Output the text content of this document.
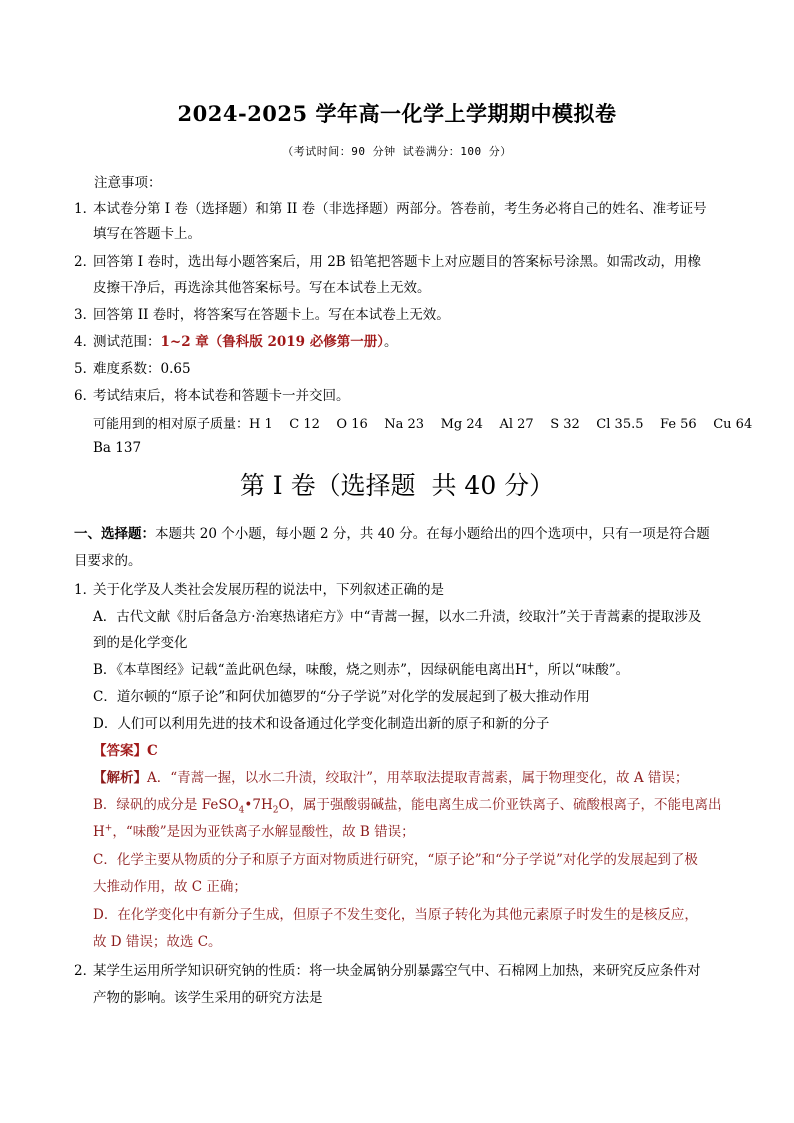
2024-2025 学年高一化学上学期期中模拟卷
（考试时间：90 分钟 试卷满分：100 分）
注意事项：
1．本试卷分第 I 卷（选择题）和第 II 卷（非选择题）两部分。答卷前，考生务必将自己的姓名、准考证号
填写在答题卡上。
2．回答第 I 卷时，选出每小题答案后，用 2B 铅笔把答题卡上对应题目的答案标号涂黑。如需改动，用橡
皮擦干净后，再选涂其他答案标号。写在本试卷上无效。
3．回答第 II 卷时，将答案写在答题卡上。写在本试卷上无效。
4．测试范围：1~2 章（鲁科版 2019 必修第一册）。
5．难度系数：0.65
6．考试结束后，将本试卷和答题卡一并交回。
可能用到的相对原子质量：H 1    C 12    O 16    Na 23    Mg 24    Al 27    S 32    Cl 35.5    Fe 56    Cu 64
Ba 137
第 I 卷（选择题  共 40 分）
一、选择题：本题共 20 个小题，每小题 2 分，共 40 分。在每小题给出的四个选项中，只有一项是符合题
目要求的。
1．关于化学及人类社会发展历程的说法中，下列叙述正确的是
A．古代文献《肘后备急方·治寒热诸疟方》中“青蒿一握，以水二升渍，绞取汁”关于青蒿素的提取涉及
到的是化学变化
B．《本草图经》记载“盖此矾色绿，味酸，烧之则赤”，因绿矾能电离出H+，所以“味酸”。
C．道尔顿的“原子论”和阿伏加德罗的“分子学说”对化学的发展起到了极大推动作用
D．人们可以利用先进的技术和设备通过化学变化制造出新的原子和新的分子
【答案】C
【解析】A．“青蒿一握，以水二升渍，绞取汁”，用萃取法提取青蒿素，属于物理变化，故 A 错误；
B．绿矾的成分是 $FeSO_4•7H_2O$，属于强酸弱碱盐，能电离生成二价亚铁离子、硫酸根离子，不能电离出
H+，“味酸”是因为亚铁离子水解显酸性，故 B 错误；
C．化学主要从物质的分子和原子方面对物质进行研究，“原子论”和“分子学说”对化学的发展起到了极
大推动作用，故 C 正确；
D．在化学变化中有新分子生成，但原子不发生变化，当原子转化为其他元素原子时发生的是核反应，
故 D 错误；故选 C。
2．某学生运用所学知识研究钠的性质：将一块金属钠分别暴露空气中、石棉网上加热，来研究反应条件对
产物的影响。该学生采用的研究方法是
